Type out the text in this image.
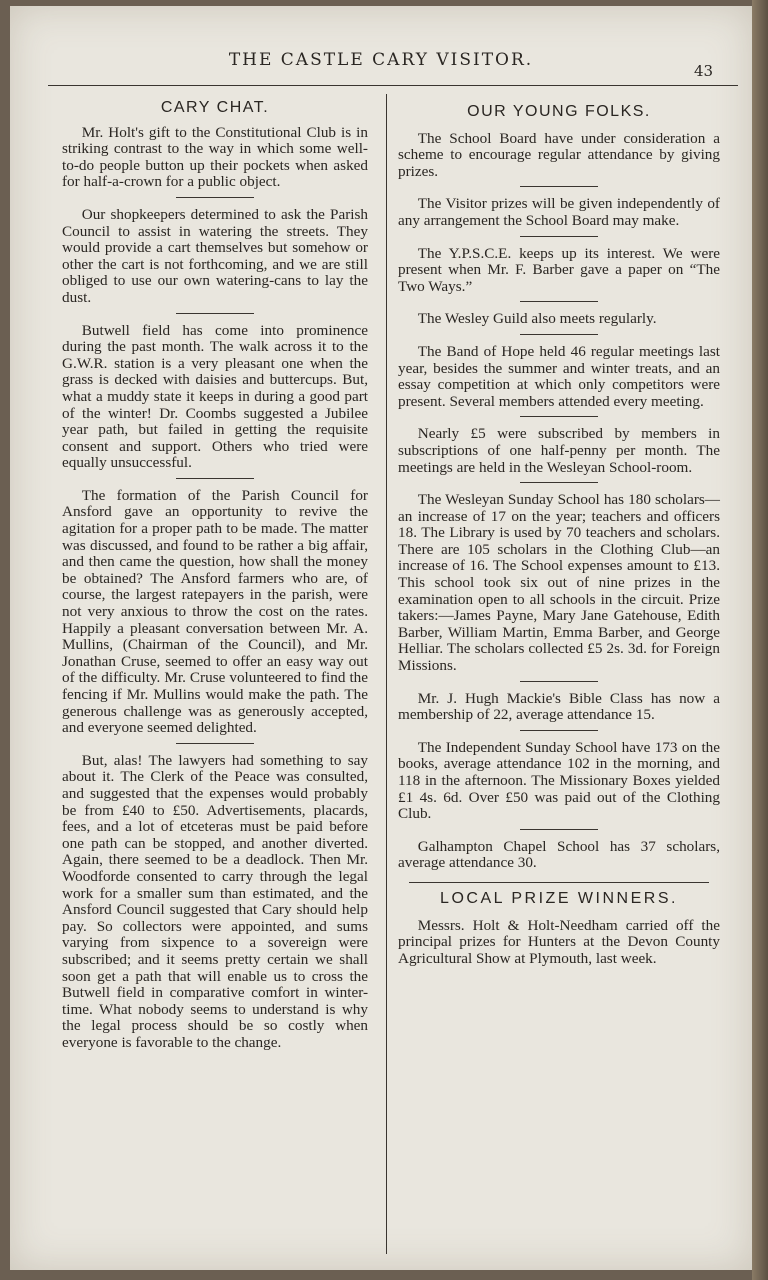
THE CASTLE CARY VISITOR.
43
CARY CHAT.

Mr. Holt's gift to the Constitutional Club is in striking contrast to the way in which some well-to-do people button up their pockets when asked for half-a-crown for a public object.

Our shopkeepers determined to ask the Parish Council to assist in watering the streets. They would provide a cart themselves but somehow or other the cart is not forthcoming, and we are still obliged to use our own watering-cans to lay the dust.

Butwell field has come into prominence during the past month. The walk across it to the G.W.R. station is a very pleasant one when the grass is decked with daisies and buttercups. But, what a muddy state it keeps in during a good part of the winter! Dr. Coombs suggested a Jubilee year path, but failed in getting the requisite consent and support. Others who tried were equally unsuccessful.

The formation of the Parish Council for Ansford gave an opportunity to revive the agitation for a proper path to be made. The matter was discussed, and found to be rather a big affair, and then came the question, how shall the money be obtained? The Ansford farmers who are, of course, the largest ratepayers in the parish, were not very anxious to throw the cost on the rates. Happily a pleasant conversation between Mr. A. Mullins, (Chairman of the Council), and Mr. Jonathan Cruse, seemed to offer an easy way out of the difficulty. Mr. Cruse volunteered to find the fencing if Mr. Mullins would make the path. The generous challenge was as generously accepted, and everyone seemed delighted.

But, alas! The lawyers had something to say about it. The Clerk of the Peace was consulted, and suggested that the expenses would probably be from £40 to £50. Advertisements, placards, fees, and a lot of etceteras must be paid before one path can be stopped, and another diverted. Again, there seemed to be a deadlock. Then Mr. Woodforde consented to carry through the legal work for a smaller sum than estimated, and the Ansford Council suggested that Cary should help pay. So collectors were appointed, and sums varying from sixpence to a sovereign were subscribed; and it seems pretty certain we shall soon get a path that will enable us to cross the Butwell field in comparative comfort in winter-time. What nobody seems to understand is why the legal process should be so costly when everyone is favorable to the change.

OUR YOUNG FOLKS.

The School Board have under consideration a scheme to encourage regular attendance by giving prizes.

The Visitor prizes will be given independently of any arrangement the School Board may make.

The Y.P.S.C.E. keeps up its interest. We were present when Mr. F. Barber gave a paper on “The Two Ways.”

The Wesley Guild also meets regularly.

The Band of Hope held 46 regular meetings last year, besides the summer and winter treats, and an essay competition at which only competitors were present. Several members attended every meeting.

Nearly £5 were subscribed by members in subscriptions of one half-penny per month. The meetings are held in the Wesleyan School-room.

The Wesleyan Sunday School has 180 scholars—an increase of 17 on the year; teachers and officers 18. The Library is used by 70 teachers and scholars. There are 105 scholars in the Clothing Club—an increase of 16. The School expenses amount to £13. This school took six out of nine prizes in the examination open to all schools in the circuit. Prize takers:—James Payne, Mary Jane Gatehouse, Edith Barber, William Martin, Emma Barber, and George Helliar. The scholars collected £5 2s. 3d. for Foreign Missions.

Mr. J. Hugh Mackie's Bible Class has now a membership of 22, average attendance 15.

The Independent Sunday School have 173 on the books, average attendance 102 in the morning, and 118 in the afternoon. The Missionary Boxes yielded £1 4s. 6d. Over £50 was paid out of the Clothing Club.

Galhampton Chapel School has 37 scholars, average attendance 30.

LOCAL PRIZE WINNERS.

Messrs. Holt & Holt-Needham carried off the principal prizes for Hunters at the Devon County Agricultural Show at Plymouth, last week.
